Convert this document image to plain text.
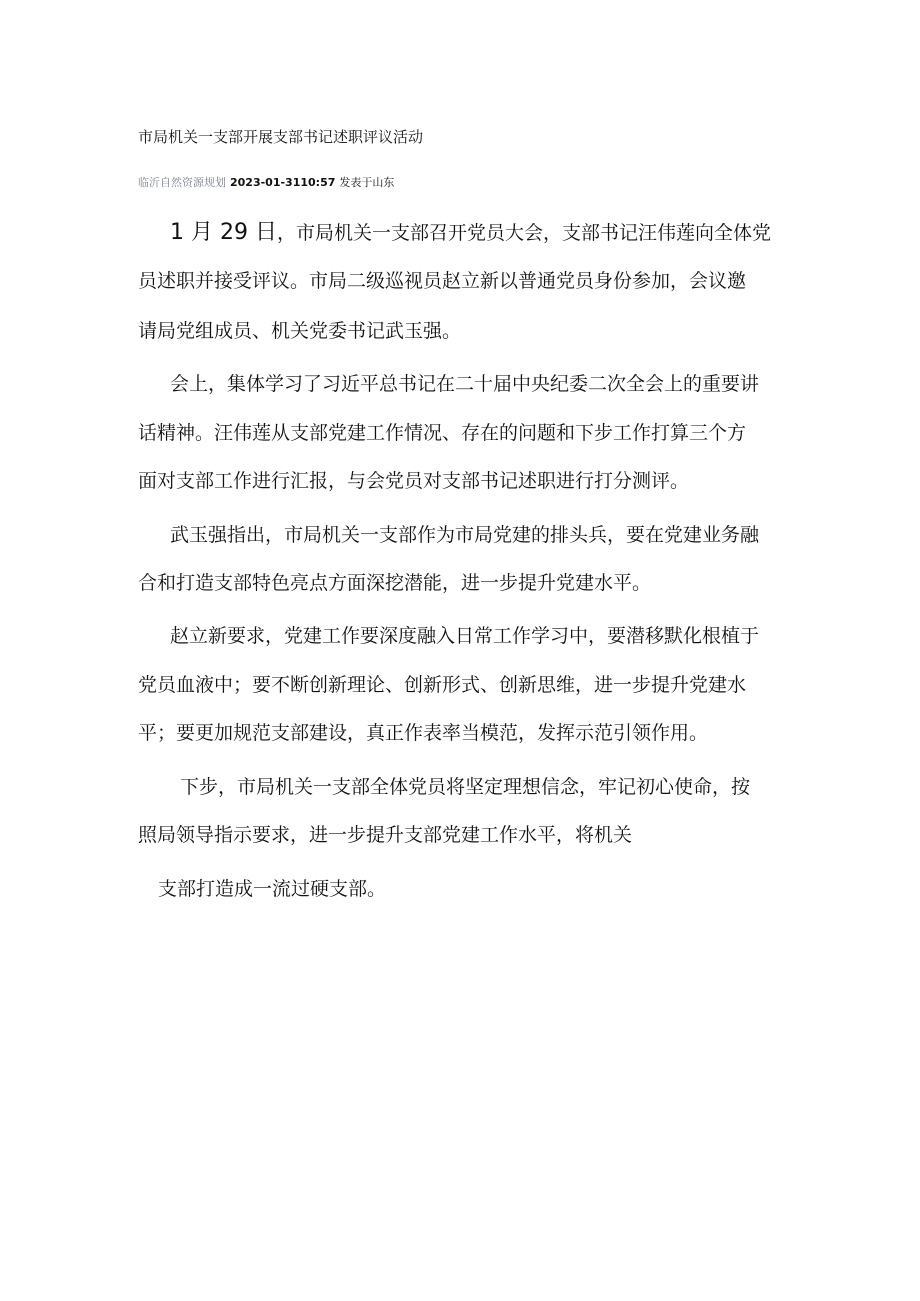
市局机关一支部开展支部书记述职评议活动
临沂自然资源规划 2023-01-3110:57 发表于山东
1 月 29 日，市局机关一支部召开党员大会，支部书记汪伟莲向全体党
员述职并接受评议。市局二级巡视员赵立新以普通党员身份参加，会议邀
请局党组成员、机关党委书记武玉强。
会上，集体学习了习近平总书记在二十届中央纪委二次全会上的重要讲
话精神。汪伟莲从支部党建工作情况、存在的问题和下步工作打算三个方
面对支部工作进行汇报，与会党员对支部书记述职进行打分测评。
武玉强指出，市局机关一支部作为市局党建的排头兵，要在党建业务融
合和打造支部特色亮点方面深挖潜能，进一步提升党建水平。
赵立新要求，党建工作要深度融入日常工作学习中，要潜移默化根植于
党员血液中；要不断创新理论、创新形式、创新思维，进一步提升党建水
平；要更加规范支部建设，真正作表率当模范，发挥示范引领作用。
下步，市局机关一支部全体党员将坚定理想信念，牢记初心使命，按
照局领导指示要求，进一步提升支部党建工作水平，将机关
支部打造成一流过硬支部。
